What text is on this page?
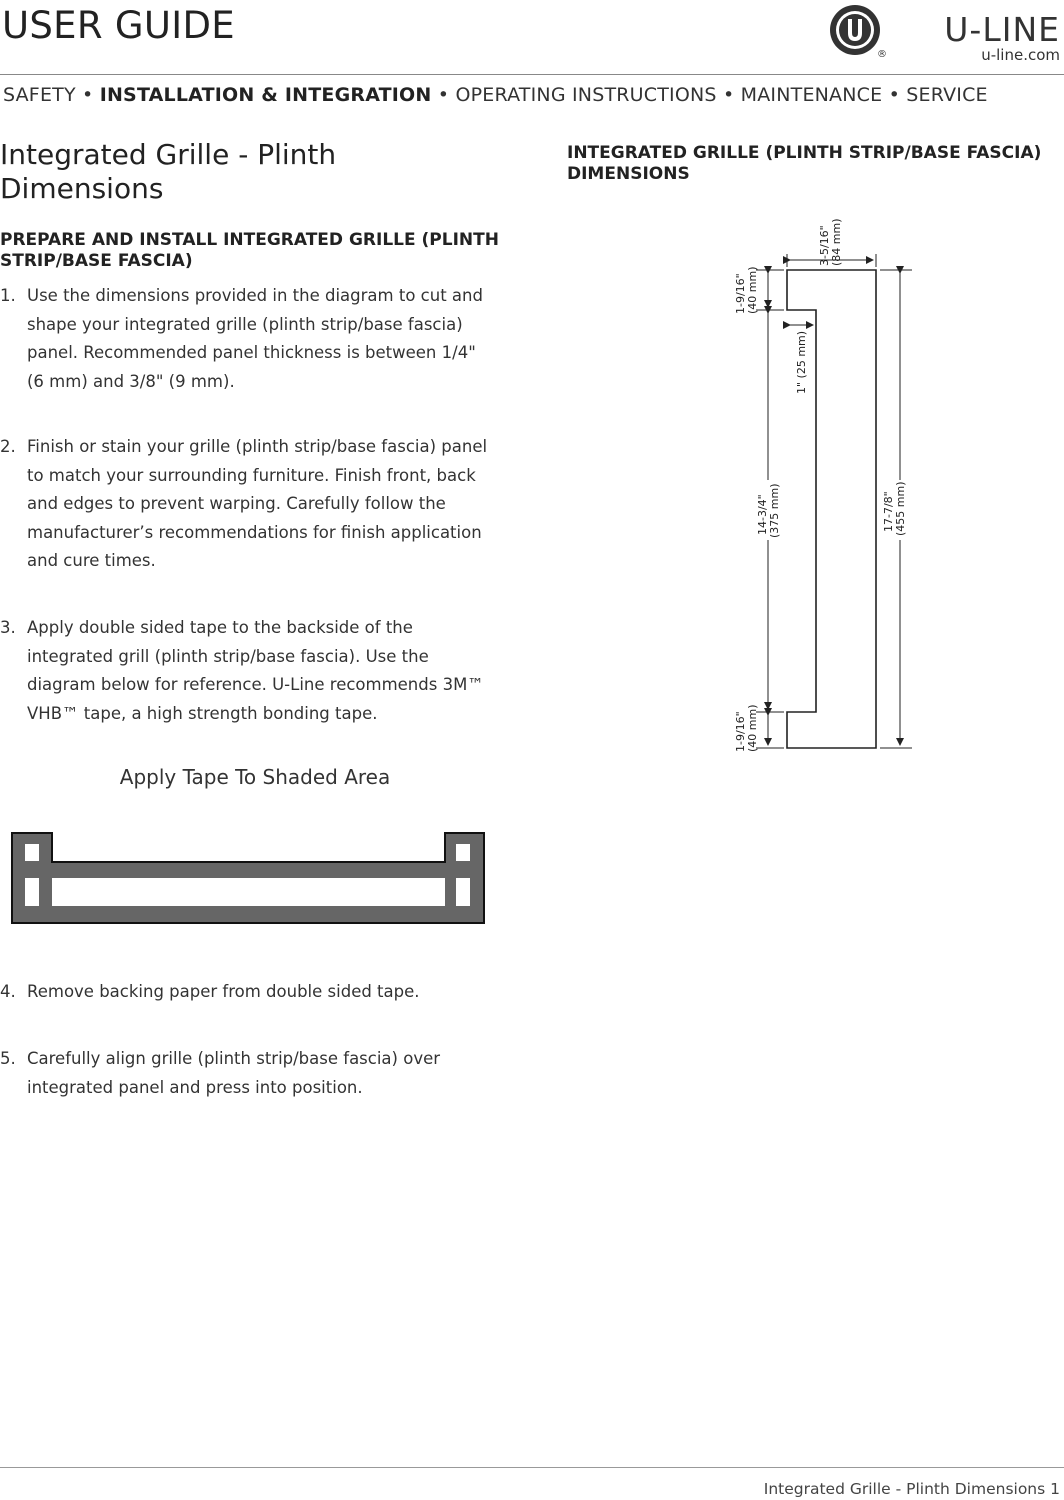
USER GUIDE
®
U-LINE
u-line.com
SAFETY • INSTALLATION & INTEGRATION • OPERATING INSTRUCTIONS • MAINTENANCE • SERVICE
Integrated Grille - Plinth Dimensions
PREPARE AND INSTALL INTEGRATED GRILLE (PLINTH STRIP/BASE FASCIA)
1. Use the dimensions provided in the diagram to cut and shape your integrated grille (plinth strip/base fascia) panel. Recommended panel thickness is between 1/4" (6 mm) and 3/8" (9 mm).
2. Finish or stain your grille (plinth strip/base fascia) panel to match your surrounding furniture. Finish front, back and edges to prevent warping. Carefully follow the manufacturer’s recommendations for finish application and cure times.
3. Apply double sided tape to the backside of the integrated grill (plinth strip/base fascia). Use the diagram below for reference. U-Line recommends 3M™ VHB™ tape, a high strength bonding tape.
Apply Tape To Shaded Area
4. Remove backing paper from double sided tape.
5. Carefully align grille (plinth strip/base fascia) over integrated panel and press into position.
INTEGRATED GRILLE (PLINTH STRIP/BASE FASCIA) DIMENSIONS
3-5/16" (84 mm)
1-9/16" (40 mm)
1" (25 mm)
14-3/4" (375 mm)	17-7/8" (455 mm)
1-9/16" (40 mm)
Integrated Grille - Plinth Dimensions 1
